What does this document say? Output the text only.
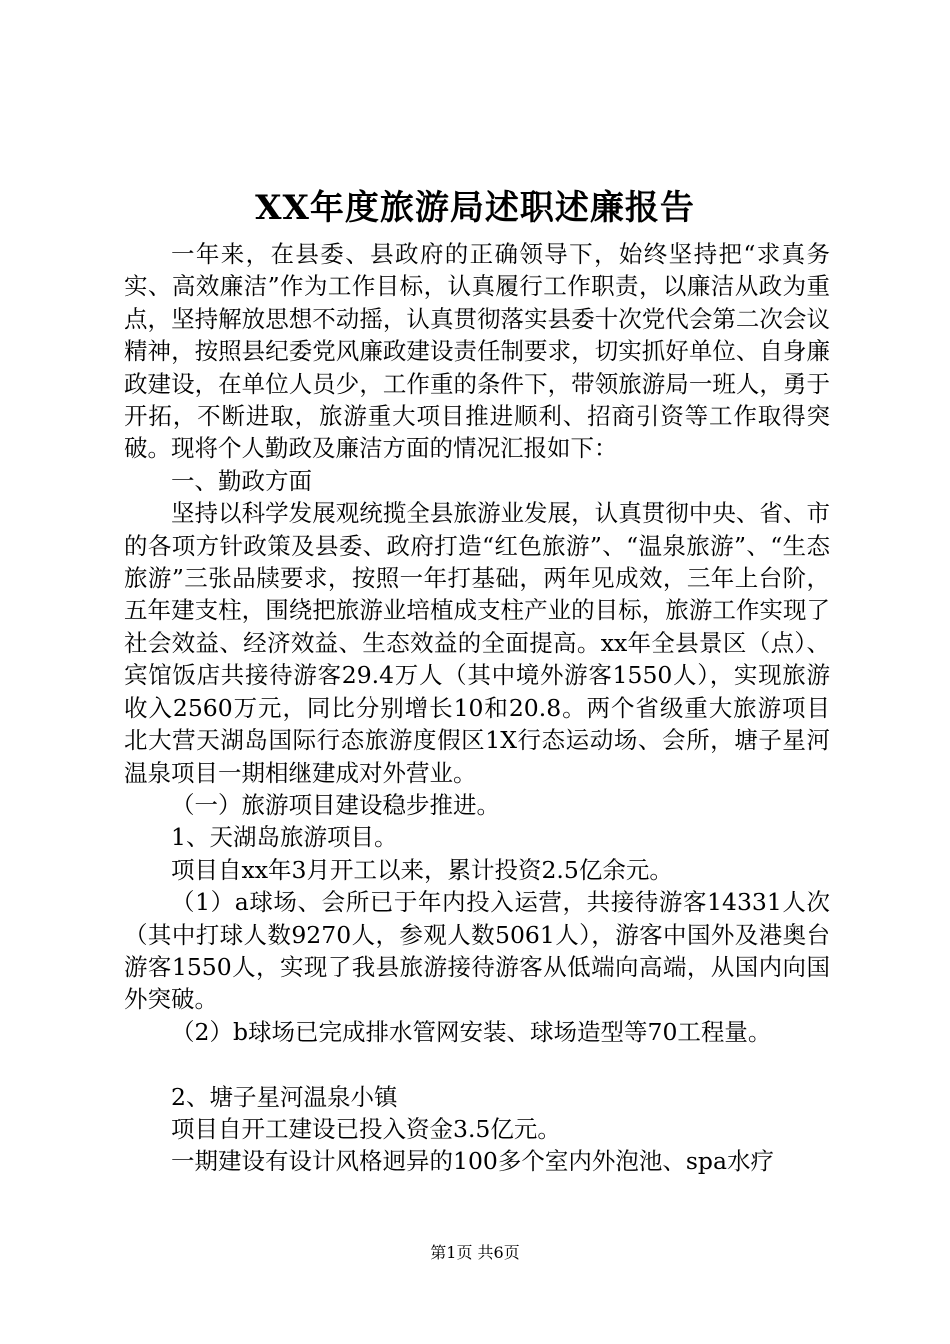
XX年度旅游局述职述廉报告

一年来，在县委、县政府的正确领导下，始终坚持把“求真务实、高效廉洁”作为工作目标，认真履行工作职责，以廉洁从政为重点，坚持解放思想不动摇，认真贯彻落实县委十次党代会第二次会议精神，按照县纪委党风廉政建设责任制要求，切实抓好单位、自身廉政建设，在单位人员少，工作重的条件下，带领旅游局一班人，勇于开拓，不断进取，旅游重大项目推进顺利、招商引资等工作取得突破。现将个人勤政及廉洁方面的情况汇报如下：

一、勤政方面

坚持以科学发展观统揽全县旅游业发展，认真贯彻中央、省、市的各项方针政策及县委、政府打造“红色旅游”、“温泉旅游”、“生态旅游”三张品牍要求，按照一年打基础，两年见成效，三年上台阶，五年建支柱，围绕把旅游业培植成支柱产业的目标，旅游工作实现了社会效益、经济效益、生态效益的全面提高。xx年全县景区（点）、宾馆饭店共接待游客29.4万人（其中境外游客1550人），实现旅游收入2560万元，同比分别增长10和20.8。两个省级重大旅游项目北大营天湖岛国际行态旅游度假区1X行态运动场、会所，塘子星河温泉项目一期相继建成对外营业。

（一）旅游项目建设稳步推进。

1、天湖岛旅游项目。

项目自xx年3月开工以来，累计投资2.5亿余元。

（1）a球场、会所已于年内投入运营，共接待游客14331人次（其中打球人数9270人，参观人数5061人），游客中国外及港奥台游客1550人，实现了我县旅游接待游客从低端向高端，从国内向国外突破。

（2）b球场已完成排水管网安装、球场造型等70工程量。

2、塘子星河温泉小镇

项目自开工建设已投入资金3.5亿元。

一期建设有设计风格迥异的100多个室内外泡池、spa水疗

第1页 共6页
